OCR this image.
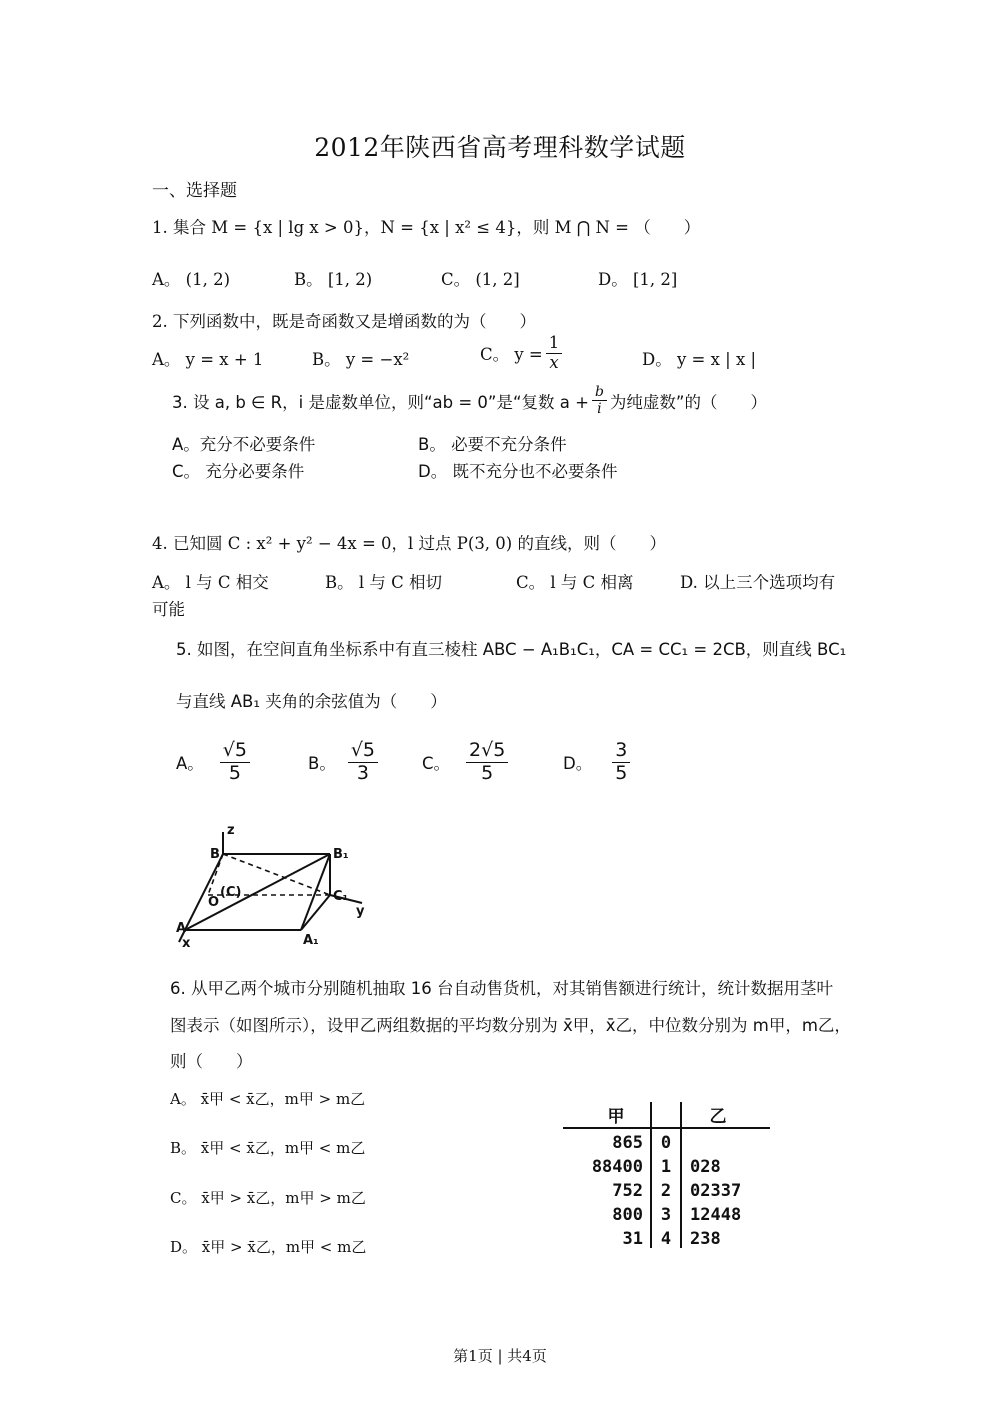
2012年陕西省高考理科数学试题
一、选择题
1. 集合 M = {x | lg x > 0}，N = {x | x² ≤ 4}，则 M ⋂ N = （　　）
A。 (1, 2)	B。 [1, 2)	C。 (1, 2]	D。 [1, 2]
2. 下列函数中，既是奇函数又是增函数的为（　　）
A。 y = x + 1	B。 y = −x²	C。 $y = \frac{1}{x}$	D。 y = x | x |
3. 设 a, b ∈ R，i 是虚数单位，则“ab = 0”是“复数 $a + \frac{b}{i}$ 为纯虚数”的（　　）
A。充分不必要条件	B。 必要不充分条件
C。 充分必要条件	D。 既不充分也不必要条件
4. 已知圆 C : x² + y² − 4x = 0，l 过点 P(3, 0) 的直线，则（　　）
A。 l 与 C 相交	B。 l 与 C 相切	C。 l 与 C 相离	D. 以上三个选项均有
可能
5. 如图，在空间直角坐标系中有直三棱柱 ABC − A₁B₁C₁，CA = CC₁ = 2CB，则直线 BC₁
与直线 AB₁ 夹角的余弦值为（　　）
A。 $\frac{√5}{5}$	B。 $\frac{√5}{3}$	C。 $\frac{2√5}{5}$	D。 $\frac{3}{5}$
z
B	B₁
O
(C)	C₁
y
A
x	A₁
6. 从甲乙两个城市分别随机抽取 16 台自动售货机，对其销售额进行统计，统计数据用茎叶
图表示（如图所示），设甲乙两组数据的平均数分别为 x̄甲，x̄乙，中位数分别为 m甲，m乙，
则（　　）
A。 x̄甲 < x̄乙，m甲 > m乙
B。 x̄甲 < x̄乙，m甲 < m乙
C。 x̄甲 > x̄乙，m甲 > m乙
D。 x̄甲 > x̄乙，m甲 < m乙
甲	乙
865 0
88400 1 028
752 2 02337
800 3 12448
31 4 238
第1页 | 共4页
